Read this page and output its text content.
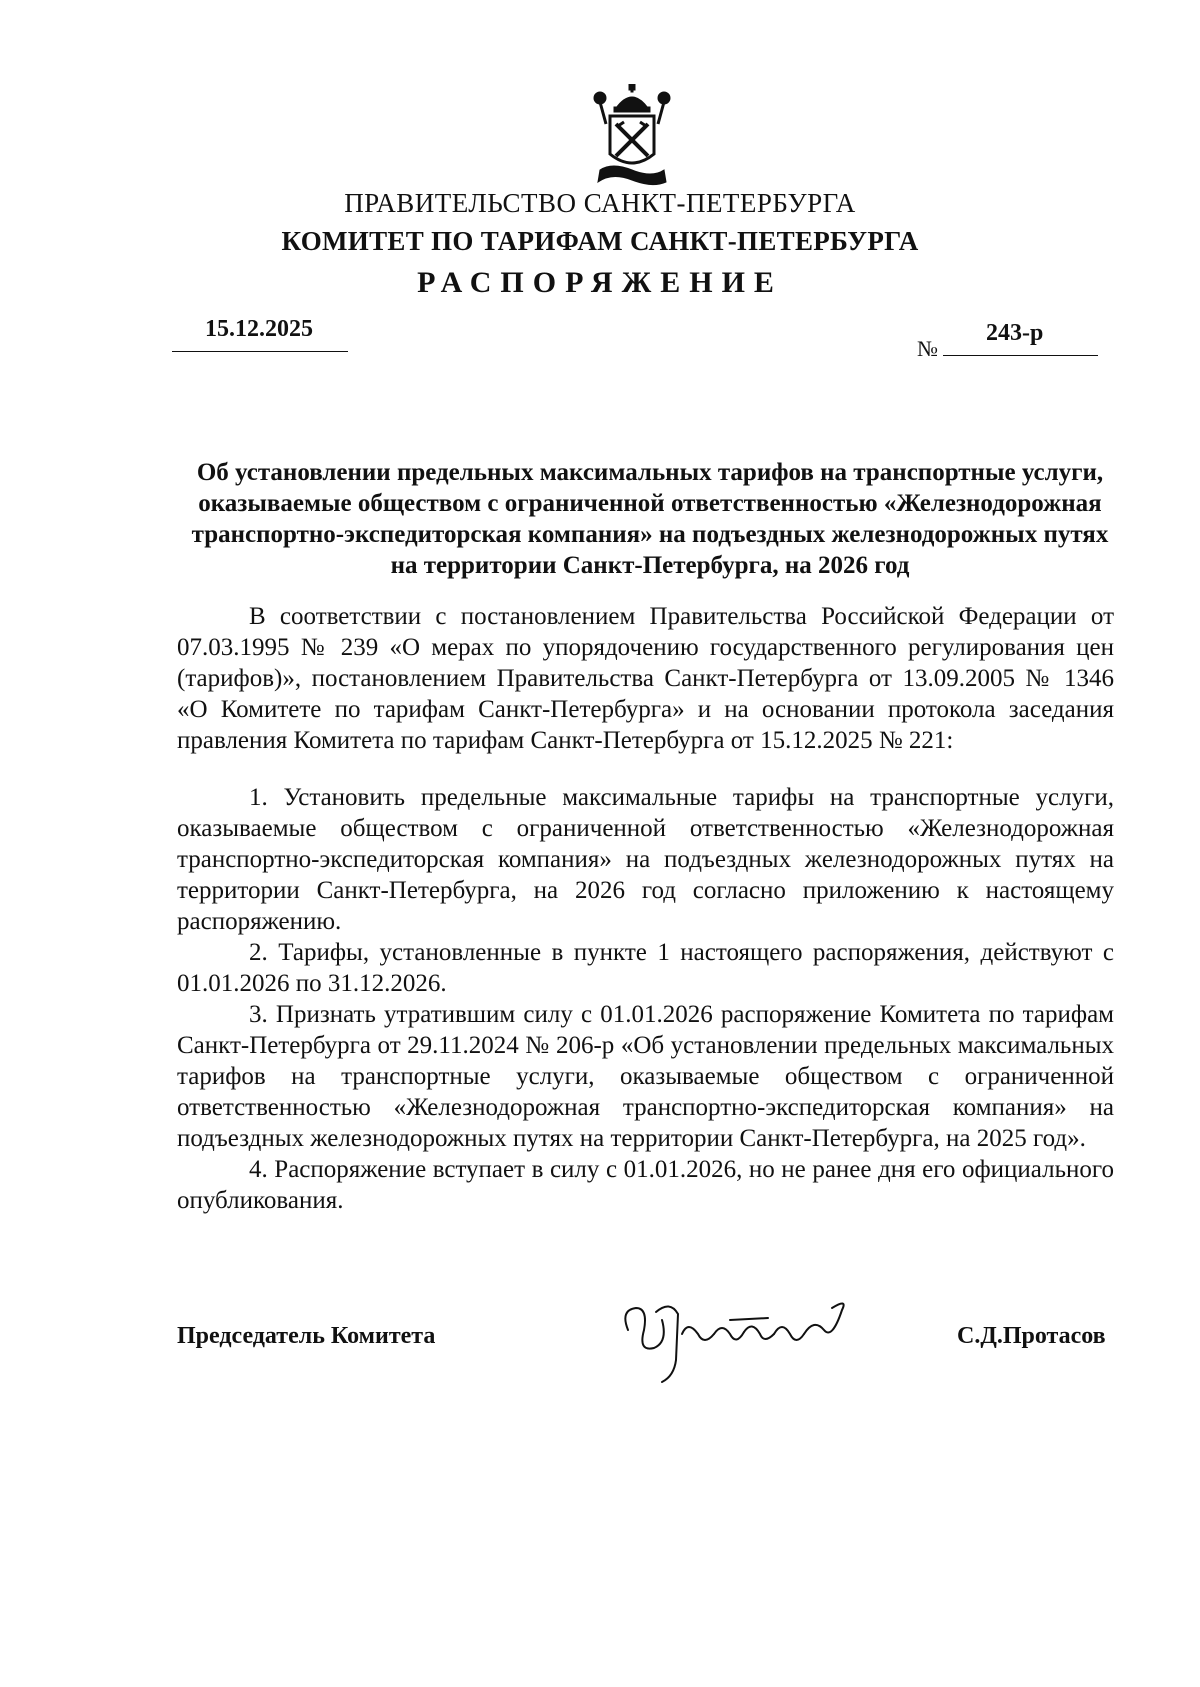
ПРАВИТЕЛЬСТВО САНКТ-ПЕТЕРБУРГА
КОМИТЕТ ПО ТАРИФАМ САНКТ-ПЕТЕРБУРГА
РАСПОРЯЖЕНИЕ
15.12.2025
№
243-р
Об установлении предельных максимальных тарифов на транспортные услуги, оказываемые обществом с ограниченной ответственностью «Железнодорожная транспортно-экспедиторская компания» на подъездных железнодорожных путях на территории Санкт-Петербурга, на 2026 год

В соответствии с постановлением Правительства Российской Федерации от 07.03.1995 № 239 «О мерах по упорядочению государственного регулирования цен (тарифов)», постановлением Правительства Санкт-Петербурга от 13.09.2005 № 1346 «О Комитете по тарифам Санкт-Петербурга» и на основании протокола заседания правления Комитета по тарифам Санкт-Петербурга от 15.12.2025 № 221:

1. Установить предельные максимальные тарифы на транспортные услуги, оказываемые обществом с ограниченной ответственностью «Железнодорожная транспортно-экспедиторская компания» на подъездных железнодорожных путях на территории Санкт-Петербурга, на 2026 год согласно приложению к настоящему распоряжению.

2. Тарифы, установленные в пункте 1 настоящего распоряжения, действуют с 01.01.2026 по 31.12.2026.

3. Признать утратившим силу с 01.01.2026 распоряжение Комитета по тарифам Санкт-Петербурга от 29.11.2024 № 206-р «Об установлении предельных максимальных тарифов на транспортные услуги, оказываемые обществом с ограниченной ответственностью «Железнодорожная транспортно-экспедиторская компания» на подъездных железнодорожных путях на территории Санкт-Петербурга, на 2025 год».

4. Распоряжение вступает в силу с 01.01.2026, но не ранее дня его официального опубликования.

Председатель Комитета	С.Д.Протасов
